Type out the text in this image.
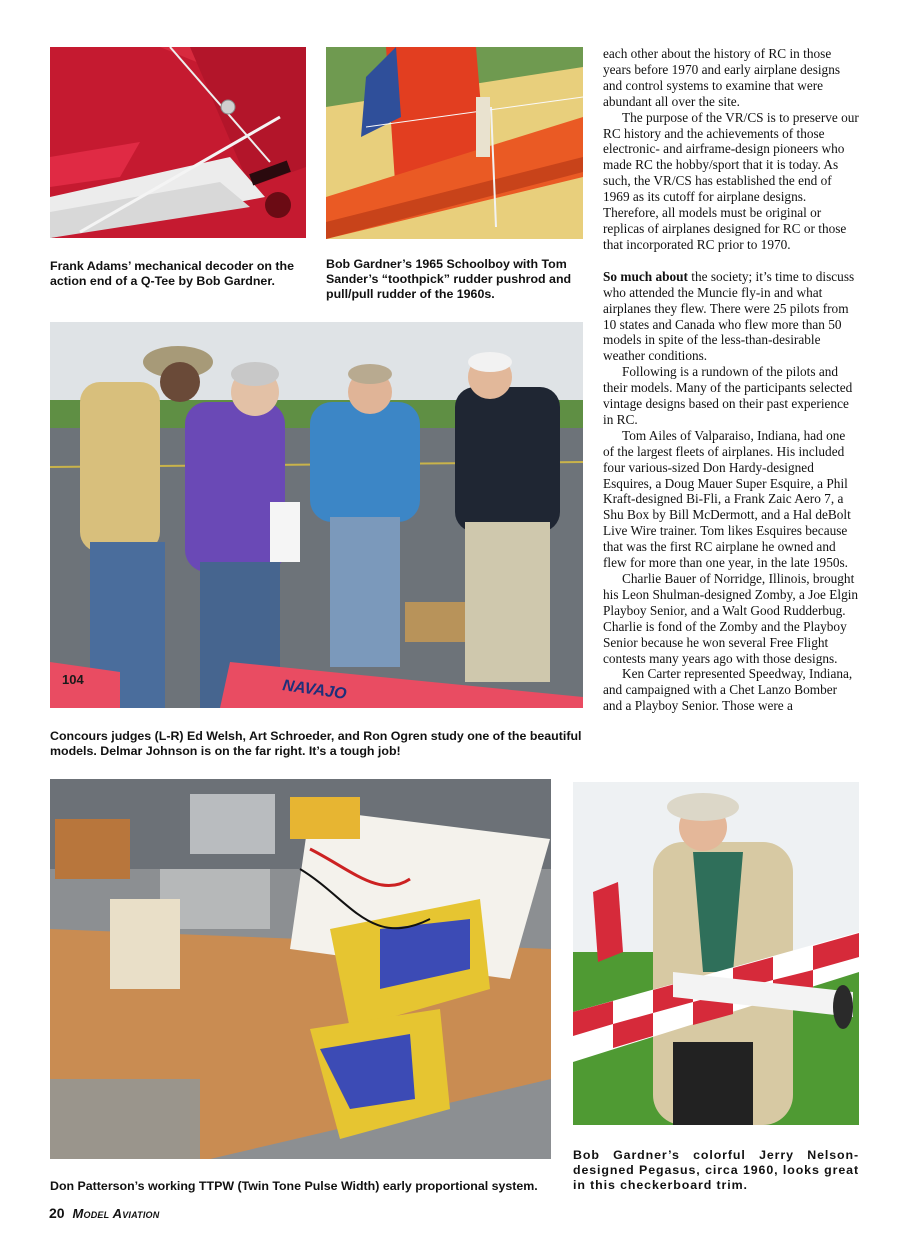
Frank Adams’ mechanical decoder on the action end of a Q-Tee by Bob Gardner.
Bob Gardner’s 1965 Schoolboy with Tom Sander’s “toothpick” rudder pushrod and pull/pull rudder of the 1960s.
104	NAVAJO
Concours judges (L-R) Ed Welsh, Art Schroeder, and Ron Ogren study one of the beautiful models. Delmar Johnson is on the far right. It’s a tough job!
Don Patterson’s working TTPW (Twin Tone Pulse Width) early proportional system.
Bob Gardner’s colorful Jerry Nelson-designed Pegasus, circa 1960, looks great in this checkerboard trim.

each other about the history of RC in those years before 1970 and early airplane designs and control systems to examine that were abundant all over the site.

The purpose of the VR/CS is to preserve our RC history and the achievements of those electronic- and airframe-design pioneers who made RC the hobby/sport that it is today. As such, the VR/CS has established the end of 1969 as its cutoff for airplane designs. Therefore, all models must be original or replicas of airplanes designed for RC or those that incorporated RC prior to 1970.

So much about the society; it’s time to discuss who attended the Muncie fly-in and what airplanes they flew. There were 25 pilots from 10 states and Canada who flew more than 50 models in spite of the less-than-desirable weather conditions.

Following is a rundown of the pilots and their models. Many of the participants selected vintage designs based on their past experience in RC.

Tom Ailes of Valparaiso, Indiana, had one of the largest fleets of airplanes. His included four various-sized Don Hardy-designed Esquires, a Doug Mauer Super Esquire, a Phil Kraft-designed Bi-Fli, a Frank Zaic Aero 7, a Shu Box by Bill McDermott, and a Hal deBolt Live Wire trainer. Tom likes Esquires because that was the first RC airplane he owned and flew for more than one year, in the late 1950s.

Charlie Bauer of Norridge, Illinois, brought his Leon Shulman-designed Zomby, a Joe Elgin Playboy Senior, and a Walt Good Rudderbug. Charlie is fond of the Zomby and the Playboy Senior because he won several Free Flight contests many years ago with those designs.

Ken Carter represented Speedway, Indiana, and campaigned with a Chet Lanzo Bomber and a Playboy Senior. Those were a

20 Model Aviation
